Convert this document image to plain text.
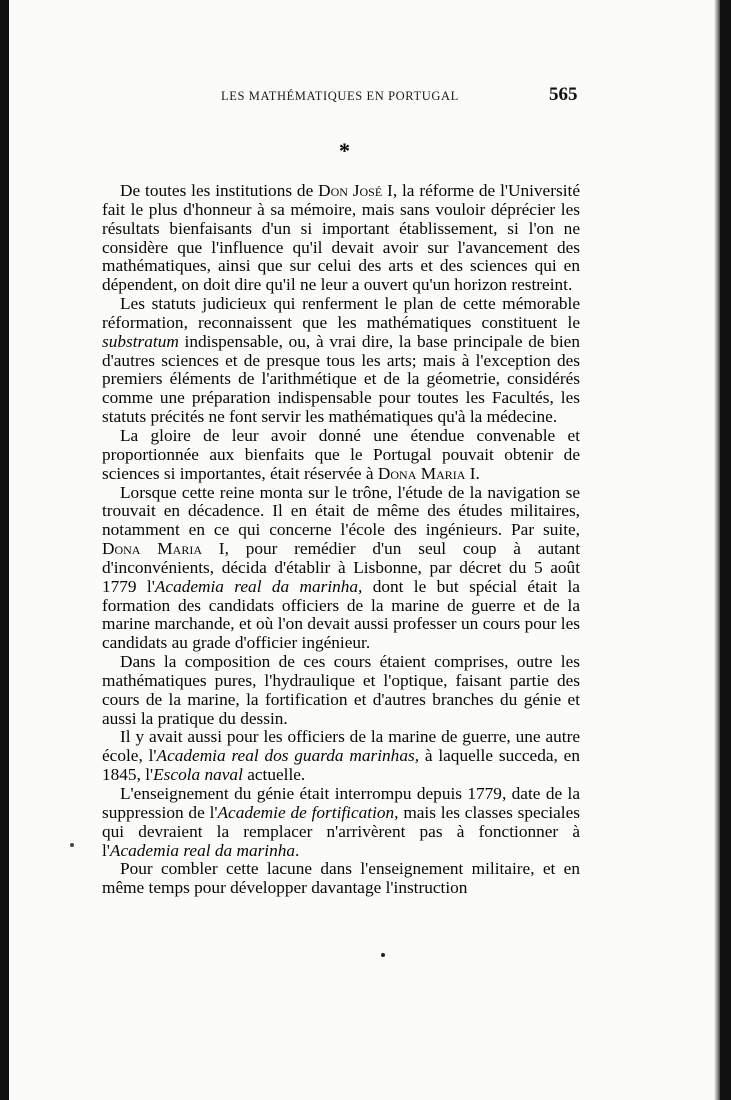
LES MATHÉMATIQUES EN PORTUGAL	565
*

De toutes les institutions de Don José I, la réforme de l'Université fait le plus d'honneur à sa mémoire, mais sans vouloir déprécier les résultats bienfaisants d'un si important établissement, si l'on ne considère que l'influence qu'il devait avoir sur l'avancement des mathématiques, ainsi que sur celui des arts et des sciences qui en dépendent, on doit dire qu'il ne leur a ouvert qu'un horizon restreint.

Les statuts judicieux qui renferment le plan de cette mémorable réformation, reconnaissent que les mathématiques constituent le substratum indispensable, ou, à vrai dire, la base principale de bien d'autres sciences et de presque tous les arts; mais à l'exception des premiers éléments de l'arithmétique et de la géometrie, considérés comme une préparation indispensable pour toutes les Facultés, les statuts précités ne font servir les mathématiques qu'à la médecine.

La gloire de leur avoir donné une étendue convenable et proportionnée aux bienfaits que le Portugal pouvait obtenir de sciences si importantes, était réservée à Dona Maria I.

Lorsque cette reine monta sur le trône, l'étude de la navigation se trouvait en décadence. Il en était de même des études militaires, notamment en ce qui concerne l'école des ingénieurs. Par suite, Dona Maria I, pour remédier d'un seul coup à autant d'inconvénients, décida d'établir à Lisbonne, par décret du 5 août 1779 l'Academia real da marinha, dont le but spécial était la formation des candidats officiers de la marine de guerre et de la marine marchande, et où l'on devait aussi professer un cours pour les candidats au grade d'officier ingénieur.

Dans la composition de ces cours étaient comprises, outre les mathématiques pures, l'hydraulique et l'optique, faisant partie des cours de la marine, la fortification et d'autres branches du génie et aussi la pratique du dessin.

Il y avait aussi pour les officiers de la marine de guerre, une autre école, l'Academia real dos guarda marinhas, à laquelle succeda, en 1845, l'Escola naval actuelle.

L'enseignement du génie était interrompu depuis 1779, date de la suppression de l'Academie de fortification, mais les classes speciales qui devraient la remplacer n'arrivèrent pas à fonctionner à l'Academia real da marinha.

Pour combler cette lacune dans l'enseignement militaire, et en même temps pour développer davantage l'instruction
